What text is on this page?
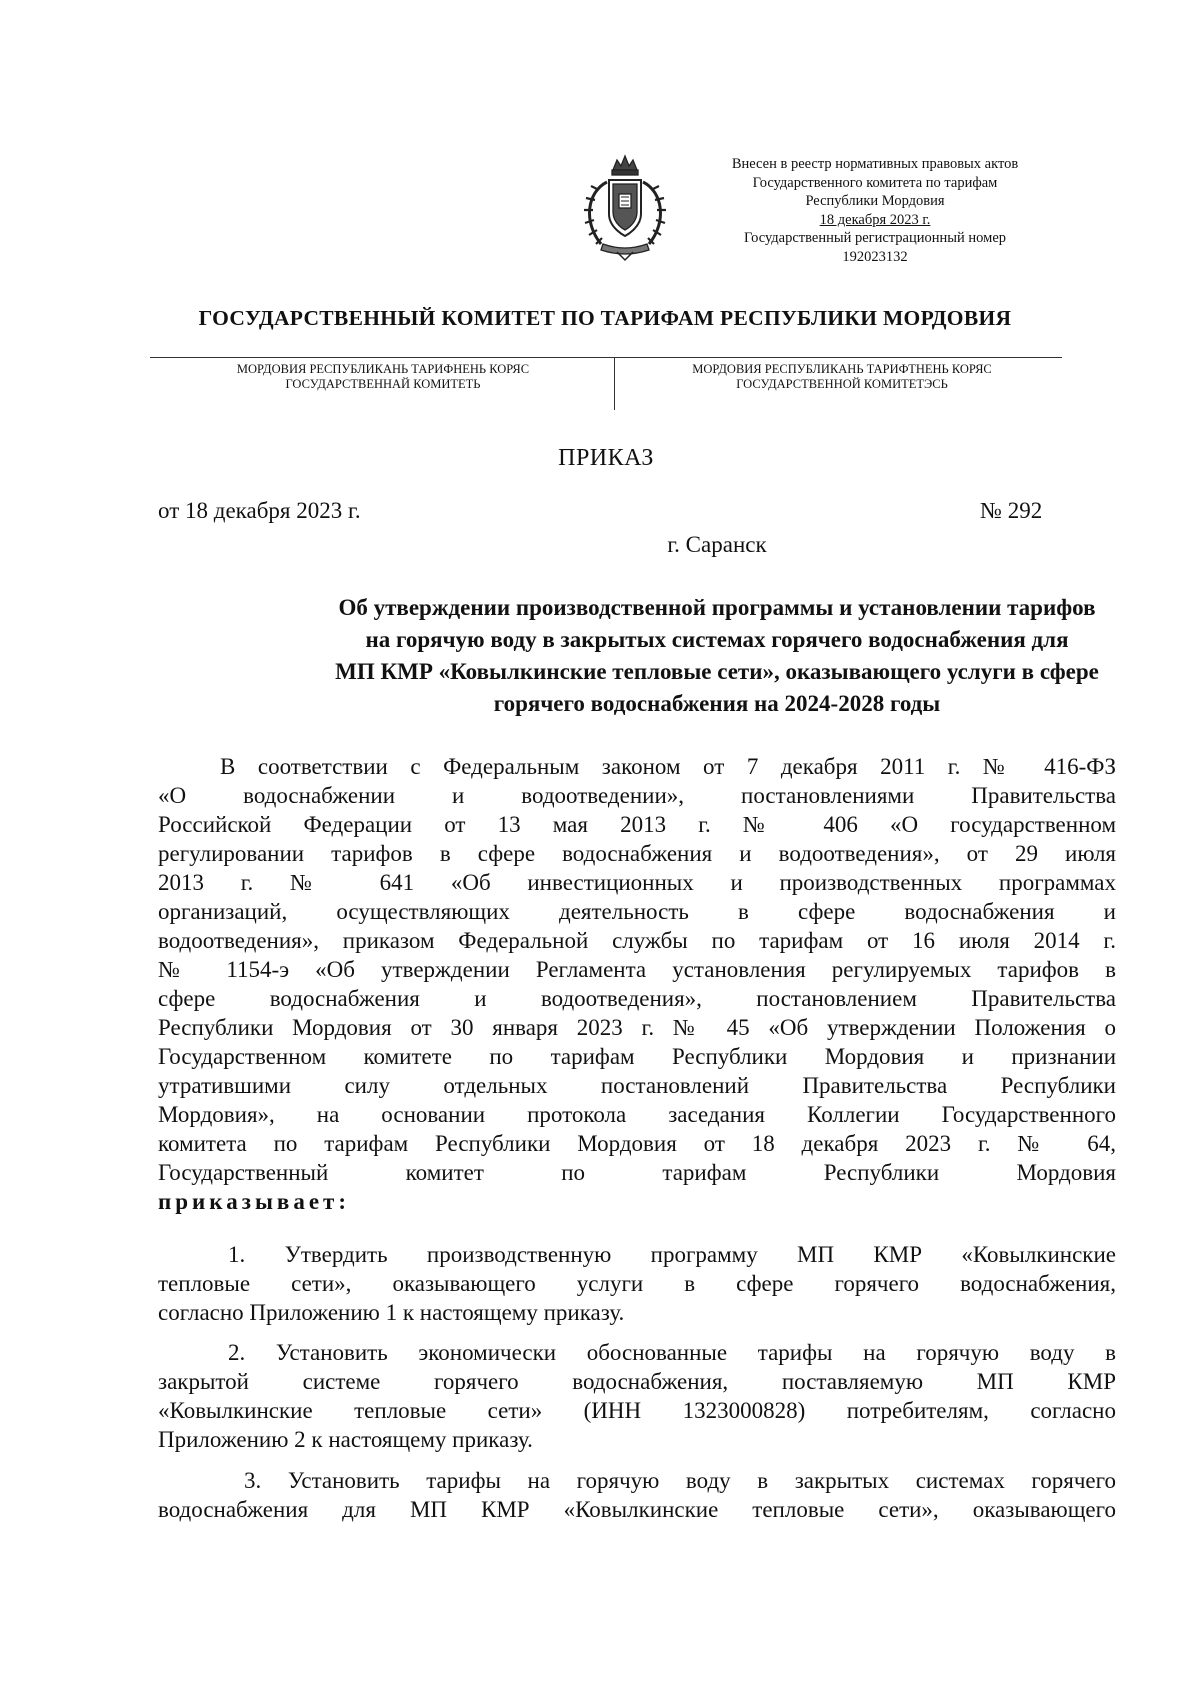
Внесен в реестр нормативных правовых актов
Государственного комитета по тарифам
Республики Мордовия
18 декабря 2023 г.
Государственный регистрационный номер
192023132
ГОСУДАРСТВЕННЫЙ КОМИТЕТ ПО ТАРИФАМ РЕСПУБЛИКИ МОРДОВИЯ
МОРДОВИЯ РЕСПУБЛИКАНЬ ТАРИФНЕНЬ КОРЯС
ГОСУДАРСТВЕННАЙ КОМИТЕТЬ
МОРДОВИЯ РЕСПУБЛИКАНЬ ТАРИФТНЕНЬ КОРЯС
ГОСУДАРСТВЕННОЙ КОМИТЕТЭСЬ
ПРИКАЗ
от 18 декабря 2023 г.	№ 292
г. Саранск
Об утверждении производственной программы и установлении тарифов
на горячую воду в закрытых системах горячего водоснабжения для
МП КМР «Ковылкинские тепловые сети», оказывающего услуги в сфере
горячего водоснабжения на 2024-2028 годы
В соответствии с Федеральным законом от 7 декабря 2011 г. № 416-ФЗ
«О водоснабжении и водоотведении», постановлениями Правительства
Российской Федерации от 13 мая 2013 г. № 406 «О государственном
регулировании тарифов в сфере водоснабжения и водоотведения», от 29 июля
2013 г. № 641 «Об инвестиционных и производственных программах
организаций, осуществляющих деятельность в сфере водоснабжения и
водоотведения», приказом Федеральной службы по тарифам от 16 июля 2014 г.
№ 1154-э «Об утверждении Регламента установления регулируемых тарифов в
сфере водоснабжения и водоотведения», постановлением Правительства
Республики Мордовия от 30 января 2023 г. № 45 «Об утверждении Положения о
Государственном комитете по тарифам Республики Мордовия и признании
утратившими силу отдельных постановлений Правительства Республики
Мордовия», на основании протокола заседания Коллегии Государственного
комитета по тарифам Республики Мордовия от 18 декабря 2023 г. № 64,
Государственный комитет по тарифам Республики Мордовия
приказывает:
1. Утвердить производственную программу МП КМР «Ковылкинские
тепловые сети», оказывающего услуги в сфере горячего водоснабжения,
согласно Приложению 1 к настоящему приказу.
2. Установить экономически обоснованные тарифы на горячую воду в
закрытой системе горячего водоснабжения, поставляемую МП КМР
«Ковылкинские тепловые сети» (ИНН 1323000828) потребителям, согласно
Приложению 2 к настоящему приказу.
3. Установить тарифы на горячую воду в закрытых системах горячего
водоснабжения для МП КМР «Ковылкинские тепловые сети», оказывающего
